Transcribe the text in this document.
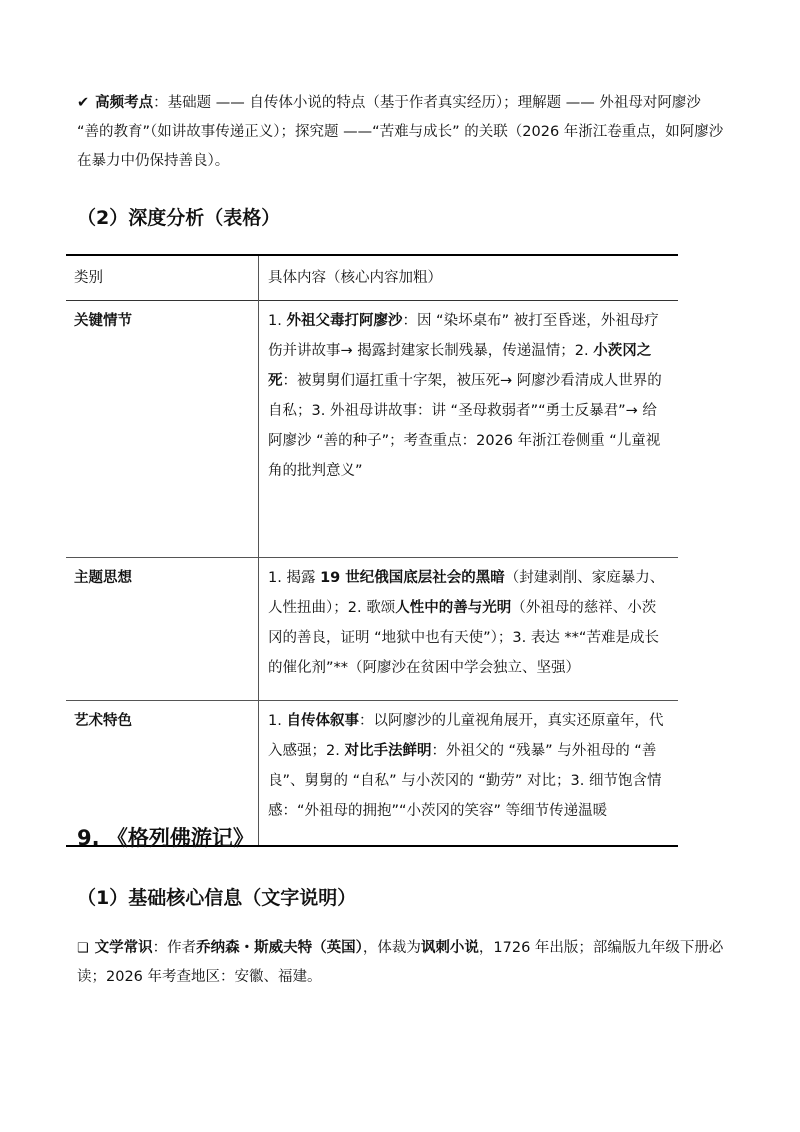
✔ 高频考点：基础题 —— 自传体小说的特点（基于作者真实经历）；理解题 —— 外祖母对阿廖沙 “善的教育”（如讲故事传递正义）；探究题 ——“苦难与成长” 的关联（2026 年浙江卷重点，如阿廖沙在暴力中仍保持善良）。

（2）深度分析（表格）
类别	具体内容（核心内容加粗）
关键情节	1. 外祖父毒打阿廖沙：因 “染坏桌布” 被打至昏迷，外祖母疗伤并讲故事→ 揭露封建家长制残暴，传递温情；2. 小茨冈之死：被舅舅们逼扛重十字架，被压死→ 阿廖沙看清成人世界的自私；3. 外祖母讲故事：讲 “圣母救弱者”“勇士反暴君”→ 给阿廖沙 “善的种子”；考查重点：2026 年浙江卷侧重 “儿童视角的批判意义”
主题思想	1. 揭露 19 世纪俄国底层社会的黑暗（封建剥削、家庭暴力、人性扭曲）；2. 歌颂人性中的善与光明（外祖母的慈祥、小茨冈的善良，证明 “地狱中也有天使”）；3. 表达 **“苦难是成长的催化剂”**（阿廖沙在贫困中学会独立、坚强）
艺术特色	1. 自传体叙事：以阿廖沙的儿童视角展开，真实还原童年，代入感强；2. 对比手法鲜明：外祖父的 “残暴” 与外祖母的 “善良”、舅舅的 “自私” 与小茨冈的 “勤劳” 对比；3. 细节饱含情感：“外祖母的拥抱”“小茨冈的笑容” 等细节传递温暖
9. 《格列佛游记》
（1）基础核心信息（文字说明）

❑ 文学常识：作者乔纳森・斯威夫特（英国），体裁为讽刺小说，1726 年出版；部编版九年级下册必读；2026 年考查地区：安徽、福建。
